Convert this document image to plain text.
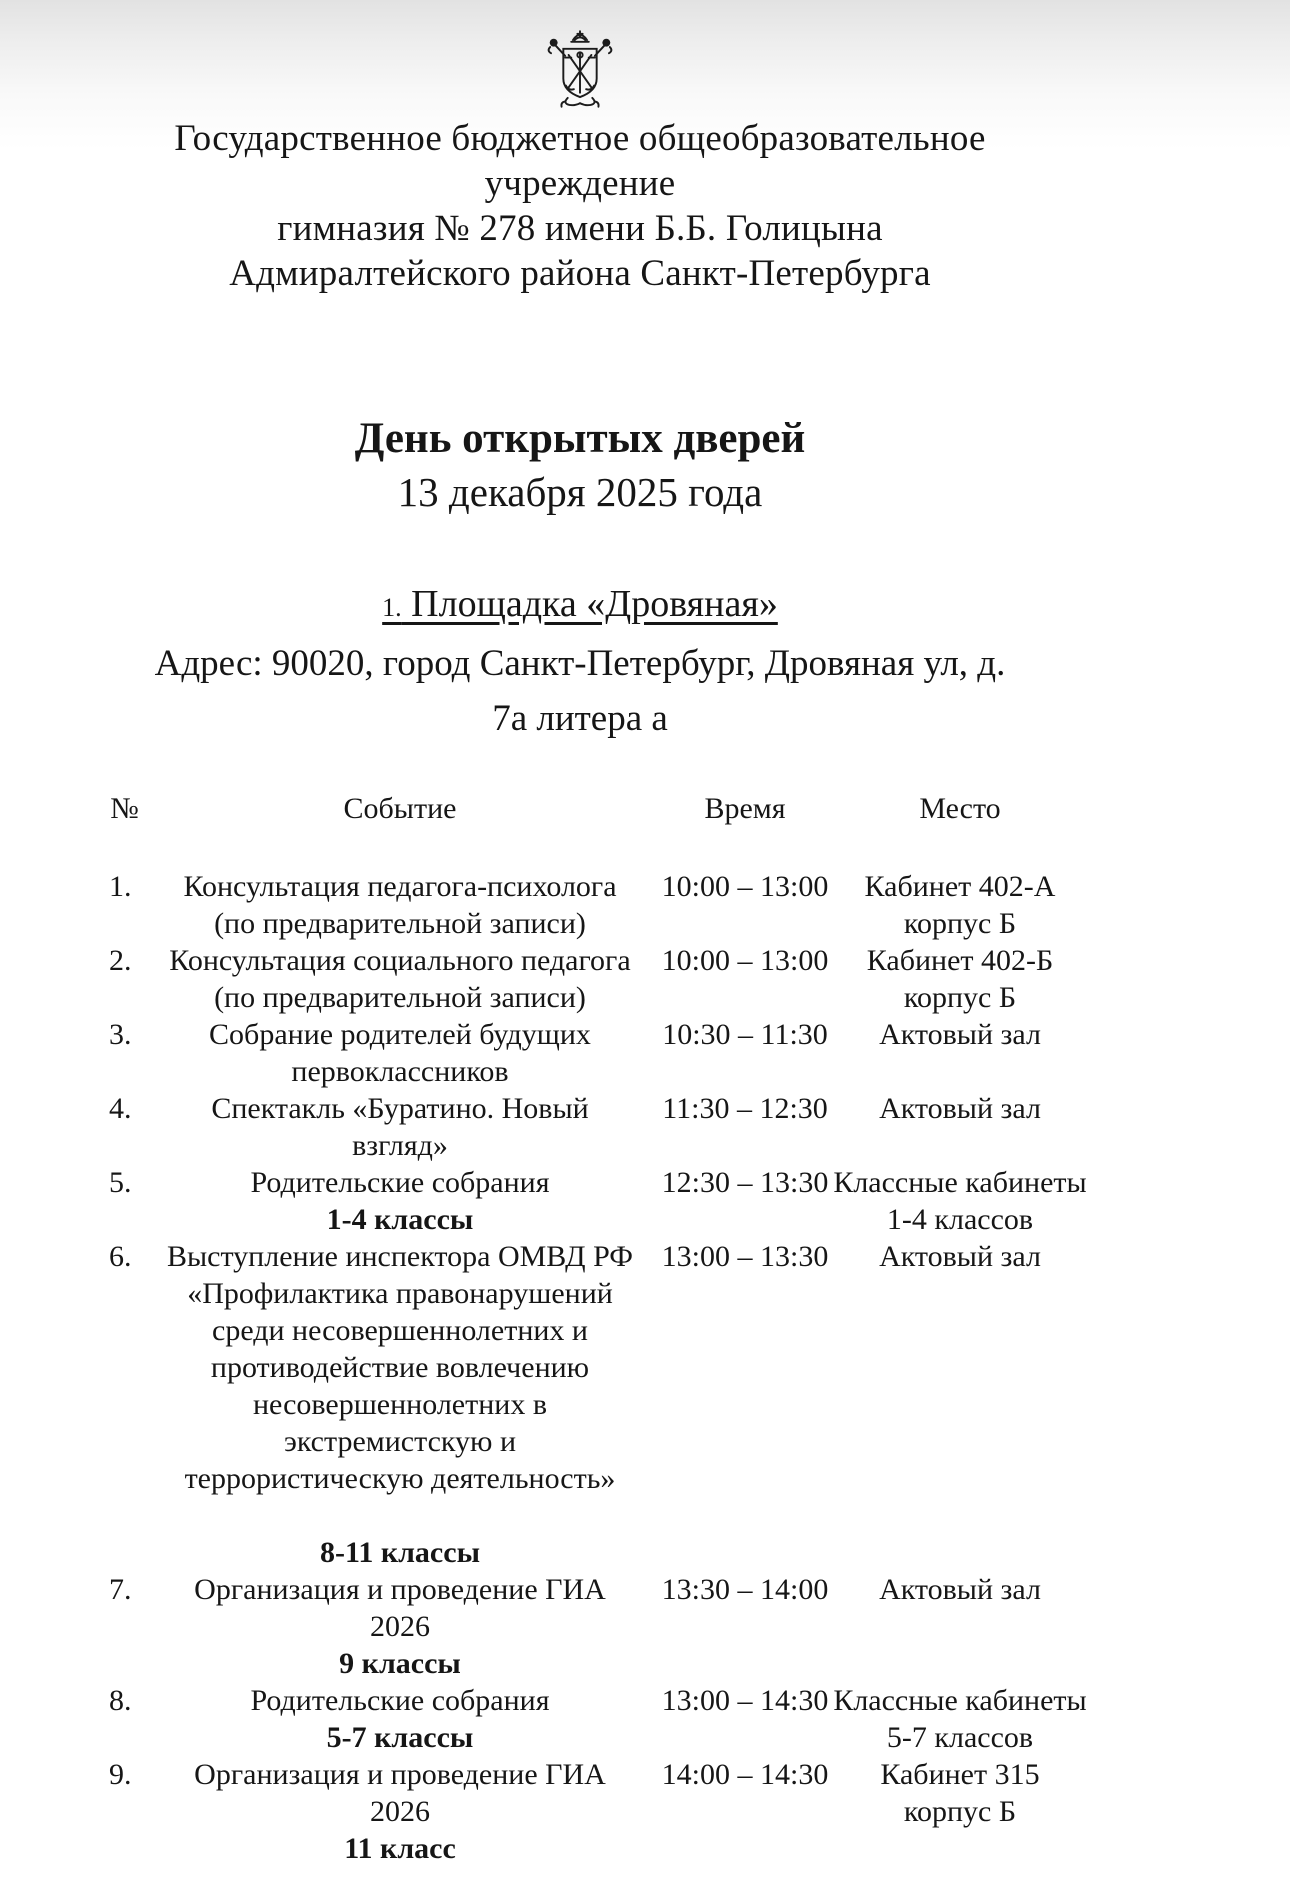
Государственное бюджетное общеобразовательное
учреждение
гимназия № 278 имени Б.Б. Голицына
Адмиралтейского района Санкт-Петербурга
День открытых дверей
13 декабря 2025 года
1. Площадка «Дровяная»
Адрес: 90020, город Санкт-Петербург, Дровяная ул, д.
7а литера а
№	Событие	Время	Место
1.	Консультация педагога-психолога
(по предварительной записи)
10:00 – 13:00	Кабинет 402-А
корпус Б
2.	Консультация социального педагога
(по предварительной записи)
10:00 – 13:00	Кабинет 402-Б
корпус Б
3.	Собрание родителей будущих
первоклассников
10:30 – 11:30	Актовый зал
4.	Спектакль «Буратино. Новый
взгляд»
11:30 – 12:30	Актовый зал
5.	Родительские собрания
1-4 классы
12:30 – 13:30 Классные кабинеты
1-4 классов
6.	Выступление инспектора ОМВД РФ
«Профилактика правонарушений
среди несовершеннолетних и
противодействие вовлечению
несовершеннолетних в
экстремистскую и
террористическую деятельность»

8-11 классы
13:00 – 13:30	Актовый зал
7.	Организация и проведение ГИА
2026
9 классы
13:30 – 14:00	Актовый зал
8.	Родительские собрания
5-7 классы
13:00 – 14:30 Классные кабинеты
5-7 классов
9.	Организация и проведение ГИА
2026
11 класс
14:00 – 14:30	Кабинет 315
корпус Б
